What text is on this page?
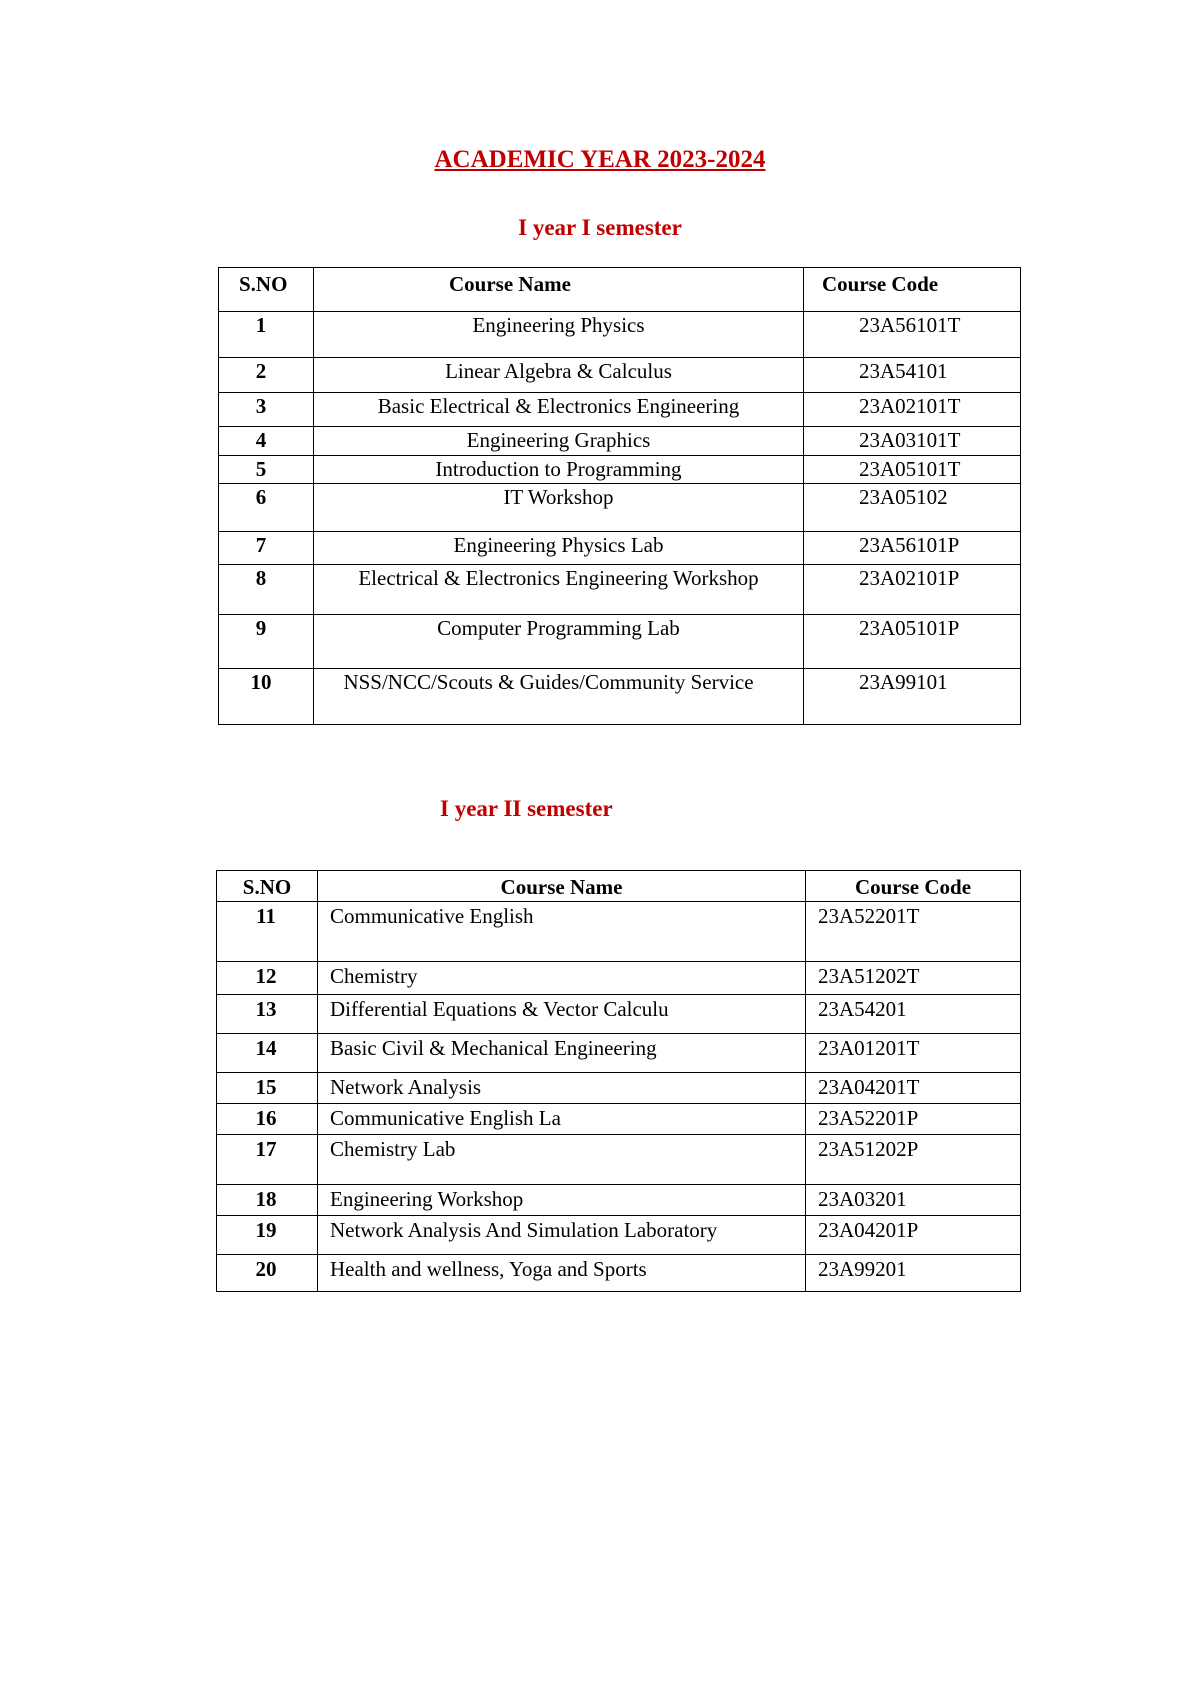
ACADEMIC YEAR 2023-2024
I year I semester
S.NO	Course Name	Course Code
1	Engineering Physics	23A56101T
2	Linear Algebra & Calculus	23A54101
3	Basic Electrical & Electronics Engineering	23A02101T
4	Engineering Graphics	23A03101T
5	Introduction to Programming	23A05101T
6	IT Workshop	23A05102
7	Engineering Physics Lab	23A56101P
8	Electrical & Electronics Engineering Workshop	23A02101P
9	Computer Programming Lab	23A05101P
10	NSS/NCC/Scouts & Guides/Community Service	23A99101
I year II semester
S.NO	Course Name	Course Code
11	Communicative English	23A52201T
12	Chemistry	23A51202T
13	Differential Equations & Vector Calculu	23A54201
14	Basic Civil & Mechanical Engineering	23A01201T
15	Network Analysis	23A04201T
16	Communicative English La	23A52201P
17	Chemistry Lab	23A51202P
18	Engineering Workshop	23A03201
19	Network Analysis And Simulation Laboratory	23A04201P
20	Health and wellness, Yoga and Sports	23A99201
